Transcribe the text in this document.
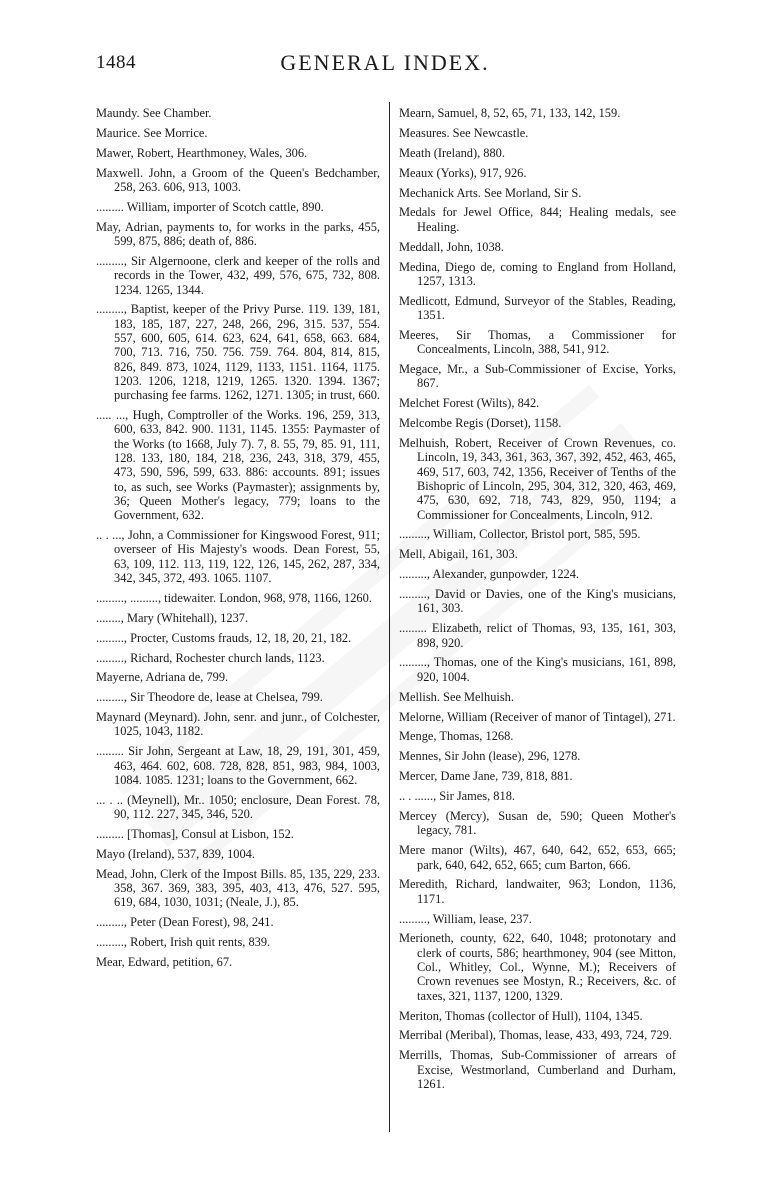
1484	GENERAL INDEX.

Maundy. See Chamber.

Maurice. See Morrice.

Mawer, Robert, Hearthmoney, Wales, 306.

Maxwell. John, a Groom of the Queen's Bedchamber, 258, 263. 606, 913, 1003.

......... William, importer of Scotch cattle, 890.

May, Adrian, payments to, for works in the parks, 455, 599, 875, 886; death of, 886.

........., Sir Algernoone, clerk and keeper of the rolls and records in the Tower, 432, 499, 576, 675, 732, 808. 1234. 1265, 1344.

........., Baptist, keeper of the Privy Purse. 119. 139, 181, 183, 185, 187, 227, 248, 266, 296, 315. 537, 554. 557, 600, 605, 614. 623, 624, 641, 658, 663. 684, 700, 713. 716, 750. 756. 759. 764. 804, 814, 815, 826, 849. 873, 1024, 1129, 1133, 1151. 1164, 1175. 1203. 1206, 1218, 1219, 1265. 1320. 1394. 1367; purchasing fee farms. 1262, 1271. 1305; in trust, 660.

..... ..., Hugh, Comptroller of the Works. 196, 259, 313, 600, 633, 842. 900. 1131, 1145. 1355: Paymaster of the Works (to 1668, July 7). 7, 8. 55, 79, 85. 91, 111, 128. 133, 180, 184, 218, 236, 243, 318, 379, 455, 473, 590, 596, 599, 633. 886: accounts. 891; issues to, as such, see Works (Paymaster); assignments by, 36; Queen Mother's legacy, 779; loans to the Government, 632.

.. . ..., John, a Commissioner for Kingswood Forest, 911; overseer of His Majesty's woods. Dean Forest, 55, 63, 109, 112. 113, 119, 122, 126, 145, 262, 287, 334, 342, 345, 372, 493. 1065. 1107.

........., ........., tidewaiter. London, 968, 978, 1166, 1260.

........, Mary (Whitehall), 1237.

........., Procter, Customs frauds, 12, 18, 20, 21, 182.

........., Richard, Rochester church lands, 1123.

Mayerne, Adriana de, 799.

........., Sir Theodore de, lease at Chelsea, 799.

Maynard (Meynard). John, senr. and junr., of Colchester, 1025, 1043, 1182.

......... Sir John, Sergeant at Law, 18, 29, 191, 301, 459, 463, 464. 602, 608. 728, 828, 851, 983, 984, 1003, 1084. 1085. 1231; loans to the Government, 662.

... . .. (Meynell), Mr.. 1050; enclosure, Dean Forest. 78, 90, 112. 227, 345, 346, 520.

......... [Thomas], Consul at Lisbon, 152.

Mayo (Ireland), 537, 839, 1004.

Mead, John, Clerk of the Impost Bills. 85, 135, 229, 233. 358, 367. 369, 383, 395, 403, 413, 476, 527. 595, 619, 684, 1030, 1031; (Neale, J.), 85.

........., Peter (Dean Forest), 98, 241.

........., Robert, Irish quit rents, 839.

Mear, Edward, petition, 67.

Mearn, Samuel, 8, 52, 65, 71, 133, 142, 159.

Measures. See Newcastle.

Meath (Ireland), 880.

Meaux (Yorks), 917, 926.

Mechanick Arts. See Morland, Sir S.

Medals for Jewel Office, 844; Healing medals, see Healing.

Meddall, John, 1038.

Medina, Diego de, coming to England from Holland, 1257, 1313.

Medlicott, Edmund, Surveyor of the Stables, Reading, 1351.

Meeres, Sir Thomas, a Commissioner for Concealments, Lincoln, 388, 541, 912.

Megace, Mr., a Sub-Commissioner of Excise, Yorks, 867.

Melchet Forest (Wilts), 842.

Melcombe Regis (Dorset), 1158.

Melhuish, Robert, Receiver of Crown Revenues, co. Lincoln, 19, 343, 361, 363, 367, 392, 452, 463, 465, 469, 517, 603, 742, 1356, Receiver of Tenths of the Bishopric of Lincoln, 295, 304, 312, 320, 463, 469, 475, 630, 692, 718, 743, 829, 950, 1194; a Commissioner for Concealments, Lincoln, 912.

........., William, Collector, Bristol port, 585, 595.

Mell, Abigail, 161, 303.

........., Alexander, gunpowder, 1224.

........., David or Davies, one of the King's musicians, 161, 303.

......... Elizabeth, relict of Thomas, 93, 135, 161, 303, 898, 920.

........., Thomas, one of the King's musicians, 161, 898, 920, 1004.

Mellish. See Melhuish.

Melorne, William (Receiver of manor of Tintagel), 271.

Menge, Thomas, 1268.

Mennes, Sir John (lease), 296, 1278.

Mercer, Dame Jane, 739, 818, 881.

.. . ......, Sir James, 818.

Mercey (Mercy), Susan de, 590; Queen Mother's legacy, 781.

Mere manor (Wilts), 467, 640, 642, 652, 653, 665; park, 640, 642, 652, 665; cum Barton, 666.

Meredith, Richard, landwaiter, 963; London, 1136, 1171.

........., William, lease, 237.

Merioneth, county, 622, 640, 1048; protonotary and clerk of courts, 586; hearthmoney, 904 (see Mitton, Col., Whitley, Col., Wynne, M.); Receivers of Crown revenues see Mostyn, R.; Receivers, &c. of taxes, 321, 1137, 1200, 1329.

Meriton, Thomas (collector of Hull), 1104, 1345.

Merribal (Meribal), Thomas, lease, 433, 493, 724, 729.

Merrills, Thomas, Sub-Commissioner of arrears of Excise, Westmorland, Cumberland and Durham, 1261.
